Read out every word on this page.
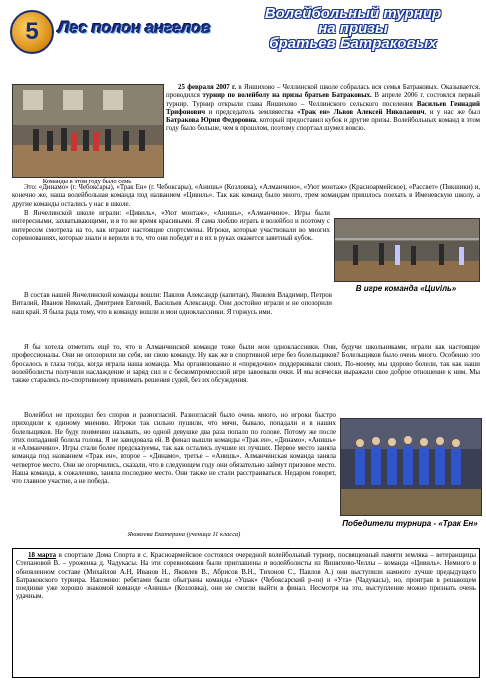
5	Лес полон ангелов
Волейбольный турнир
на призы
братьев Батраковых
Команды в этом году было семь

25 февраля 2007 г. в Яншихово – Челлинской школе собралась вся семья Батраковых. Оказывается, проводился турнир по волейболу на призы братьев Батраковых. В апреле 2006 г. состоялся первый турнир. Турнир открыли глава Яншихово – Челлинского сельского поселения Васильев Геннадий Трифонович и председатель земляяества «Трак ен» Львов Алексей Николаевич, и у нас же был Батракова Юрия Федоровна, который предоставил кубок и другие призы. Волейбольных команд в этом году было больше, чем в прошлом, поэтому спортзал шумел вовсю.

Это: «Динамо» (г. Чебоксары), «Трак Ен» (г. Чебоксары), «Анишь» (Козловка), «Алманчино», «Уют монтаж» (Красноармейское), «Рассвет» (Пикшики) и, конечно же, наша волейбольная команда под названием «Цивиль». Так как команд было много, трем командам пришлось поехать в Именевскую школу, а другие команды остались у нас в школе.

В Янчелинской школе играли: «Цивиль», «Уют монтаж», «Анишь», «Алманчино». Игры были интересными, захватывающими, и в то же время красивыми. Я сама люблю играть в волейбол и поэтому с интересом смотрела на то, как играют настоящие спортсмены. Игроки, которые участвовали во многих соревнованиях, которые знали и верили в то, что они победят и в их в руках окажется заветный кубок.

В игре команда «Циviль»

В состав нашей Янчелинской команды вошли: Павлов Александр (капитан), Яковлев Владимир, Петров Виталий, Иванов Николай, Дмитриев Евгений, Васильев Александр. Они достойно играли и не опозорили наш край. Я была рада тому, что в команду вошли и мои одноклассники. Я горжусь ими.

Я бы хотела отметить ещё то, что в Алманчинской команде тоже были мои одноклассники. Они, будучи школьниками, играли как настоящие профессионалы. Они не опозорили ни себя, ни свою команду. Ну как же в спортивной игре без болельщиков? Болельщиков было очень много. Особенно это бросалось в глаза тогда, когда играла наша команда. Мы организованно и «порядочно» поддерживали своих. По-моему, мы здорово болели, так как наши волейболисты получили наслаждение и заряд сил и с бескомпромиссной игре завоевали очки. И мы всячески выражали свое доброе отношение к ним. Мы также старались по-спортивному принимать решения судей, без их обсуждения.

Волейбол не проходил без споров и разногласий. Разногласий было очень много, но игроки быстро приходили к единому мнению. Игроки так сильно пушили, что мячи, бывало, попадали и в наших болельщиков. Не буду поименно называть, но одной девушке два раза попало по голове. Потому же после этих попаданий болела голова. Я не завидовала ей. В финал вышли команды «Трак ен», «Динамо», «Анишь» и «Алманчино». Игры стали более предсказуемы, так как остались лучшие из лучших. Первое место заняла команда под названием «Трак ен», второе – «Динамо», третье – «Анишь». Алманчинская команда заняла четвертое место. Они не огорчились, сказали, что в следующем году они обязательно займут призовое место. Наша команда, к сожалению, заняла последнее место. Они также не стали расстраиваться. Недаром говорят, что главное участие, а не победа.

Победители турнира - «Трак Ен»
Яковлева Екатерина (ученица 11 класса)

18 марта в спортзале Дома Спорта в с. Красноармейское состоялся очередной волейбольный турнир, посвященный памяти земляка – ветеранщицы Степановой В. – уроженка д. Чадукасы. На эти соревнования были приглашены и волейболисты из Яншихово-Челлы – команда «Цивиль». Немного в обновленном составе (Михайлов А.Н, Иванов Н., Яковлев В., Абрисов В.Н., Тихонов С., Павлов А.) они выступили намного лучше предыдущего Батраковского турнира. Напомню: ребятами были обыграны команды «Ушак» (Чебоксарский р-он) и «Ута» (Чадукасы), но, проиграв в решающем поединке уже хорошо знакомой команде «Анишь» (Козловка), они не смогли выйти в финал. Несмотря на это, выступление можно признать очень удачным.
